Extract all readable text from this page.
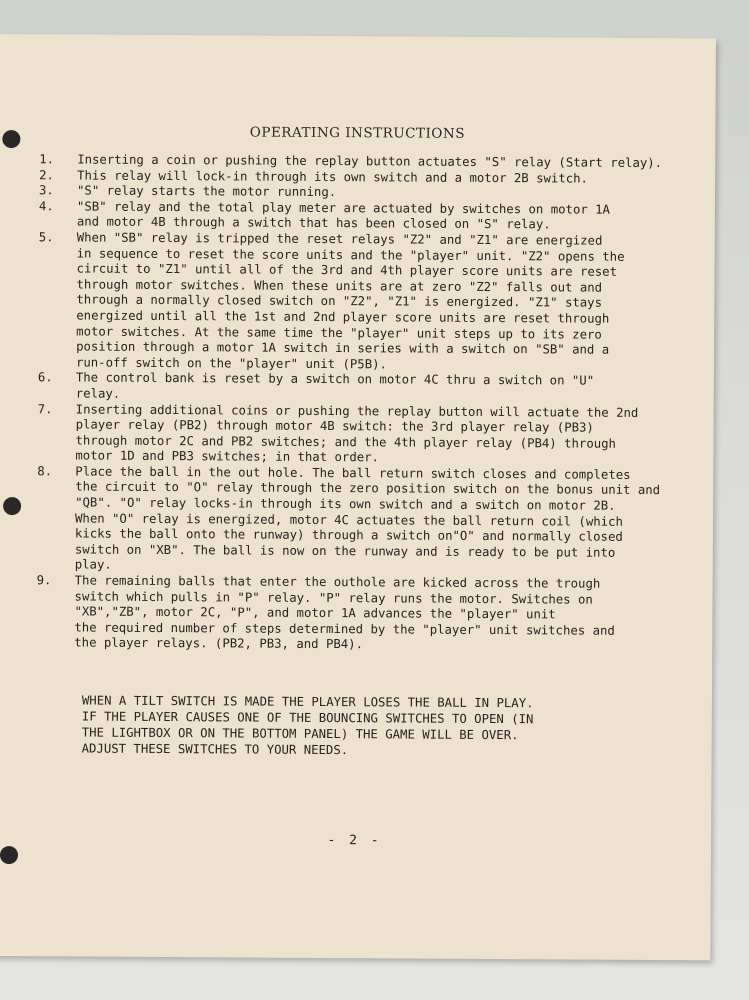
OPERATING INSTRUCTIONS
1.	Inserting a coin or pushing the replay button actuates "S" relay (Start relay).
2.	This relay will lock-in through its own switch and a motor 2B switch.
3.	"S" relay starts the motor running.
4.	"SB" relay and the total play meter are actuated by switches on motor 1A
and motor 4B through a switch that has been closed on "S" relay.
5.	When "SB" relay is tripped the reset relays "Z2" and "Z1" are energized
in sequence to reset the score units and the "player" unit. "Z2" opens the
circuit to "Z1" until all of the 3rd and 4th player score units are reset
through motor switches. When these units are at zero "Z2" falls out and
through a normally closed switch on "Z2", "Z1" is energized. "Z1" stays
energized until all the 1st and 2nd player score units are reset through
motor switches. At the same time the "player" unit steps up to its zero
position through a motor 1A switch in series with a switch on "SB" and a
run-off switch on the "player" unit (P5B).
6.	The control bank is reset by a switch on motor 4C thru a switch on "U"
relay.
7.	Inserting additional coins or pushing the replay button will actuate the 2nd
player relay (PB2) through motor 4B switch: the 3rd player relay (PB3)
through motor 2C and PB2 switches; and the 4th player relay (PB4) through
motor 1D and PB3 switches; in that order.
8.	Place the ball in the out hole. The ball return switch closes and completes
the circuit to "O" relay through the zero position switch on the bonus unit and
"QB". "O" relay locks-in through its own switch and a switch on motor 2B.
When "O" relay is energized, motor 4C actuates the ball return coil (which
kicks the ball onto the runway) through a switch on"O" and normally closed
switch on "XB". The ball is now on the runway and is ready to be put into
play.
9.	The remaining balls that enter the outhole are kicked across the trough
switch which pulls in "P" relay. "P" relay runs the motor. Switches on
"XB","ZB", motor 2C, "P", and motor 1A advances the "player" unit
the required number of steps determined by the "player" unit switches and
the player relays. (PB2, PB3, and PB4).
WHEN A TILT SWITCH IS MADE THE PLAYER LOSES THE BALL IN PLAY.
IF THE PLAYER CAUSES ONE OF THE BOUNCING SWITCHES TO OPEN (IN
THE LIGHTBOX OR ON THE BOTTOM PANEL) THE GAME WILL BE OVER.
ADJUST THESE SWITCHES TO YOUR NEEDS.
- 2 -
